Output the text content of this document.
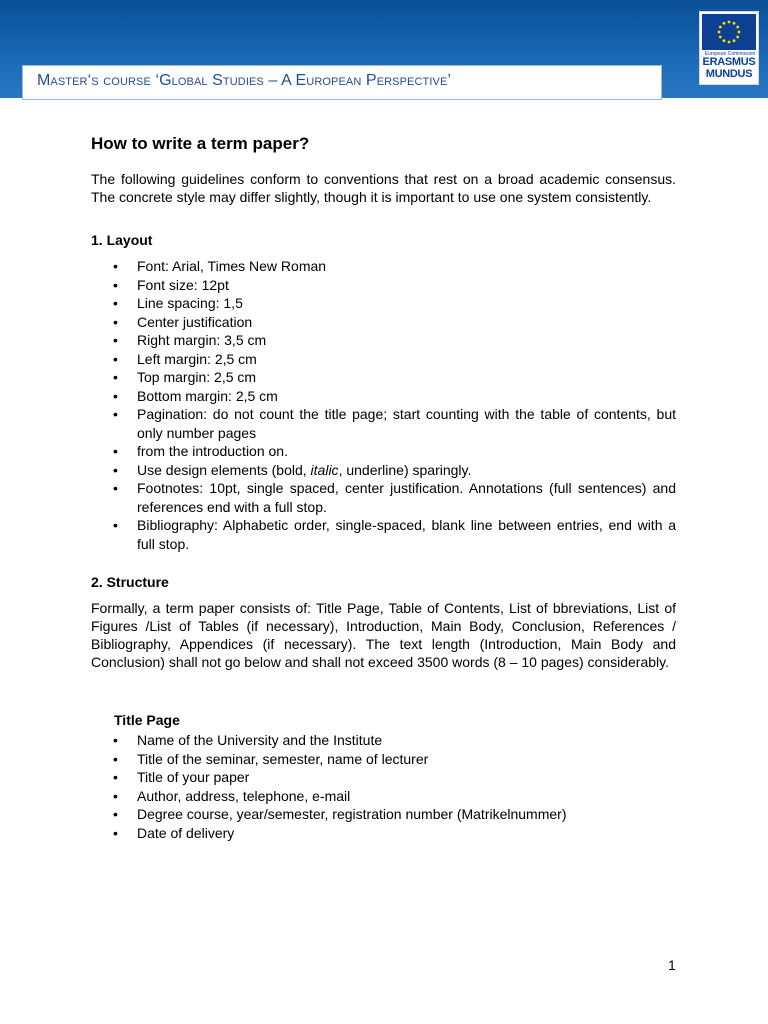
Master‘s course ‘Global Studies – A European Perspective’
European Commission
ERASMUS
MUNDUS
How to write a term paper?
The following guidelines conform to conventions that rest on a broad academic consensus. The concrete style may differ slightly, though it is important to use one system consistently.
1. Layout
• Font: Arial, Times New Roman
• Font size: 12pt
• Line spacing: 1,5
• Center justification
• Right margin: 3,5 cm
• Left margin: 2,5 cm
• Top margin: 2,5 cm
• Bottom margin: 2,5 cm
• Pagination: do not count the title page; start counting with the table of contents, but only number pages
• from the introduction on.
• Use design elements (bold, italic, underline) sparingly.
• Footnotes: 10pt, single spaced, center justification. Annotations (full sentences) and references end with a full stop.
• Bibliography: Alphabetic order, single-spaced, blank line between entries, end with a full stop.
2. Structure
Formally, a term paper consists of: Title Page, Table of Contents, List of bbreviations, List of Figures /List of Tables (if necessary), Introduction, Main Body, Conclusion, References / Bibliography, Appendices (if necessary). The text length (Introduction, Main Body and Conclusion) shall not go below and shall not exceed 3500 words (8 – 10 pages) considerably.
Title Page
• Name of the University and the Institute
• Title of the seminar, semester, name of lecturer
• Title of your paper
• Author, address, telephone, e-mail
• Degree course, year/semester, registration number (Matrikelnummer)
• Date of delivery
1
